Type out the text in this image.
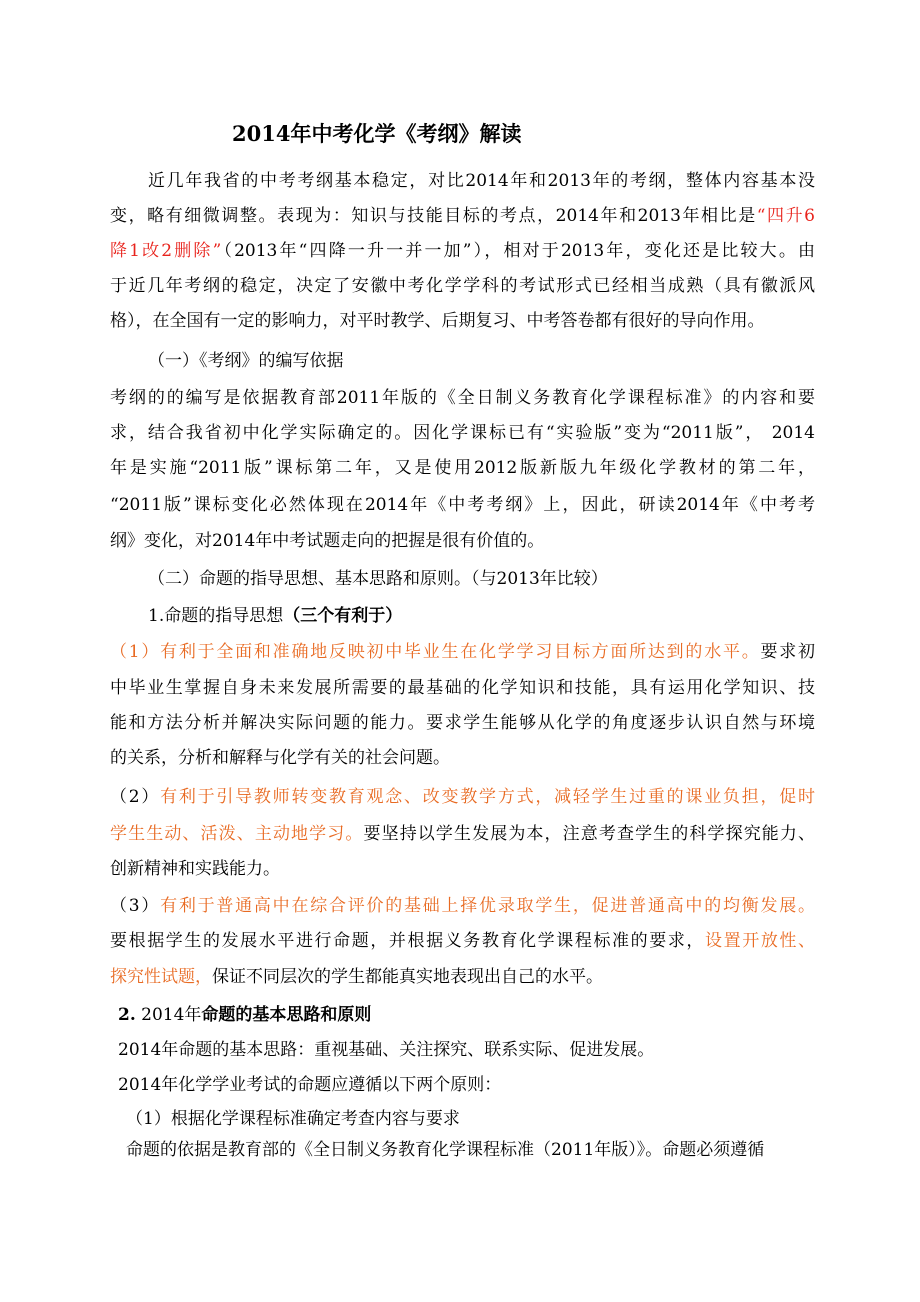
2014年中考化学《考纲》解读
近几年我省的中考考纲基本稳定，对比2014年和2013年的考纲，整体内容基本没
变，略有细微调整。表现为：知识与技能目标的考点，2014年和2013年相比是“四升6
降1改2删除”（2013年“四降一升一并一加”），相对于2013年，变化还是比较大。由
于近几年考纲的稳定，决定了安徽中考化学学科的考试形式已经相当成熟（具有徽派风
格），在全国有一定的影响力，对平时教学、后期复习、中考答卷都有很好的导向作用。
（一）《考纲》的编写依据
考纲的的编写是依据教育部2011年版的《全日制义务教育化学课程标准》的内容和要
求，结合我省初中化学实际确定的。因化学课标已有“实验版”变为“2011版”， 2014
年是实施“2011版”课标第二年，又是使用2012版新版九年级化学教材的第二年，
“2011版”课标变化必然体现在2014年《中考考纲》上，因此，研读2014年《中考考
纲》变化，对2014年中考试题走向的把握是很有价值的。
（二）命题的指导思想、基本思路和原则。（与2013年比较）
1.命题的指导思想（三个有利于）
（1）有利于全面和准确地反映初中毕业生在化学学习目标方面所达到的水平。要求初
中毕业生掌握自身未来发展所需要的最基础的化学知识和技能，具有运用化学知识、技
能和方法分析并解决实际问题的能力。要求学生能够从化学的角度逐步认识自然与环境
的关系，分析和解释与化学有关的社会问题。
（2）有利于引导教师转变教育观念、改变教学方式，减轻学生过重的课业负担，促时
学生生动、活泼、主动地学习。要坚持以学生发展为本，注意考查学生的科学探究能力、
创新精神和实践能力。
（3）有利于普通高中在综合评价的基础上择优录取学生，促进普通高中的均衡发展。
要根据学生的发展水平进行命题，并根据义务教育化学课程标准的要求，设置开放性、
探究性试题，保证不同层次的学生都能真实地表现出自己的水平。
2. 2014年命题的基本思路和原则
2014年命题的基本思路：重视基础、关注探究、联系实际、促进发展。
2014年化学学业考试的命题应遵循以下两个原则：
（1）根据化学课程标准确定考查内容与要求
命题的依据是教育部的《全日制义务教育化学课程标准（2011年版）》。命题必须遵循
